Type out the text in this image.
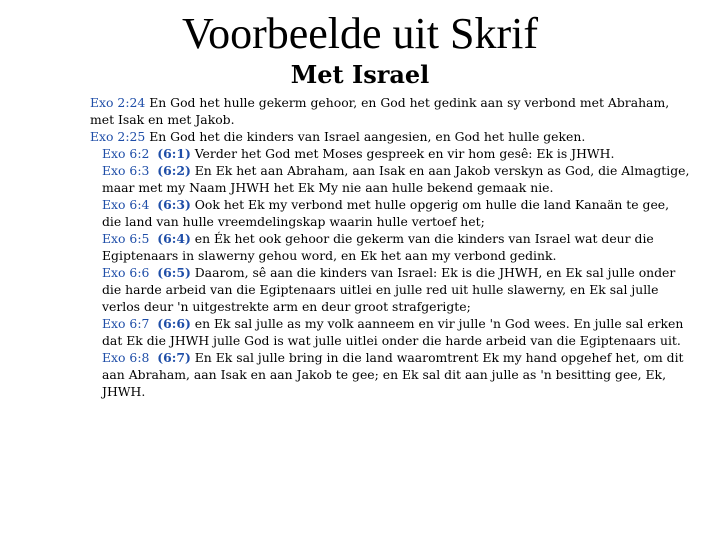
Voorbeelde uit Skrif
Met Israel

Exo 2:24 En God het hulle gekerm gehoor, en God het gedink aan sy verbond met Abraham, met Isak en met Jakob.

Exo 2:25 En God het die kinders van Israel aangesien, en God het hulle geken.

Exo 6:2 (6:1) Verder het God met Moses gespreek en vir hom gesê: Ek is JHWH.

Exo 6:3 (6:2) En Ek het aan Abraham, aan Isak en aan Jakob verskyn as God, die Almagtige, maar met my Naam JHWH het Ek My nie aan hulle bekend gemaak nie.

Exo 6:4 (6:3) Ook het Ek my verbond met hulle opgerig om hulle die land Kanaän te gee, die land van hulle vreemdelingskap waarin hulle vertoef het;

Exo 6:5 (6:4) en Ék het ook gehoor die gekerm van die kinders van Israel wat deur die Egiptenaars in slawerny gehou word, en Ek het aan my verbond gedink.

Exo 6:6 (6:5) Daarom, sê aan die kinders van Israel: Ek is die JHWH, en Ek sal julle onder die harde arbeid van die Egiptenaars uitlei en julle red uit hulle slawerny, en Ek sal julle verlos deur 'n uitgestrekte arm en deur groot strafgerigte;

Exo 6:7 (6:6) en Ek sal julle as my volk aanneem en vir julle 'n God wees. En julle sal erken dat Ek die JHWH julle God is wat julle uitlei onder die harde arbeid van die Egiptenaars uit.

Exo 6:8 (6:7) En Ek sal julle bring in die land waaromtrent Ek my hand opgehef het, om dit aan Abraham, aan Isak en aan Jakob te gee; en Ek sal dit aan julle as 'n besitting gee, Ek, JHWH.
